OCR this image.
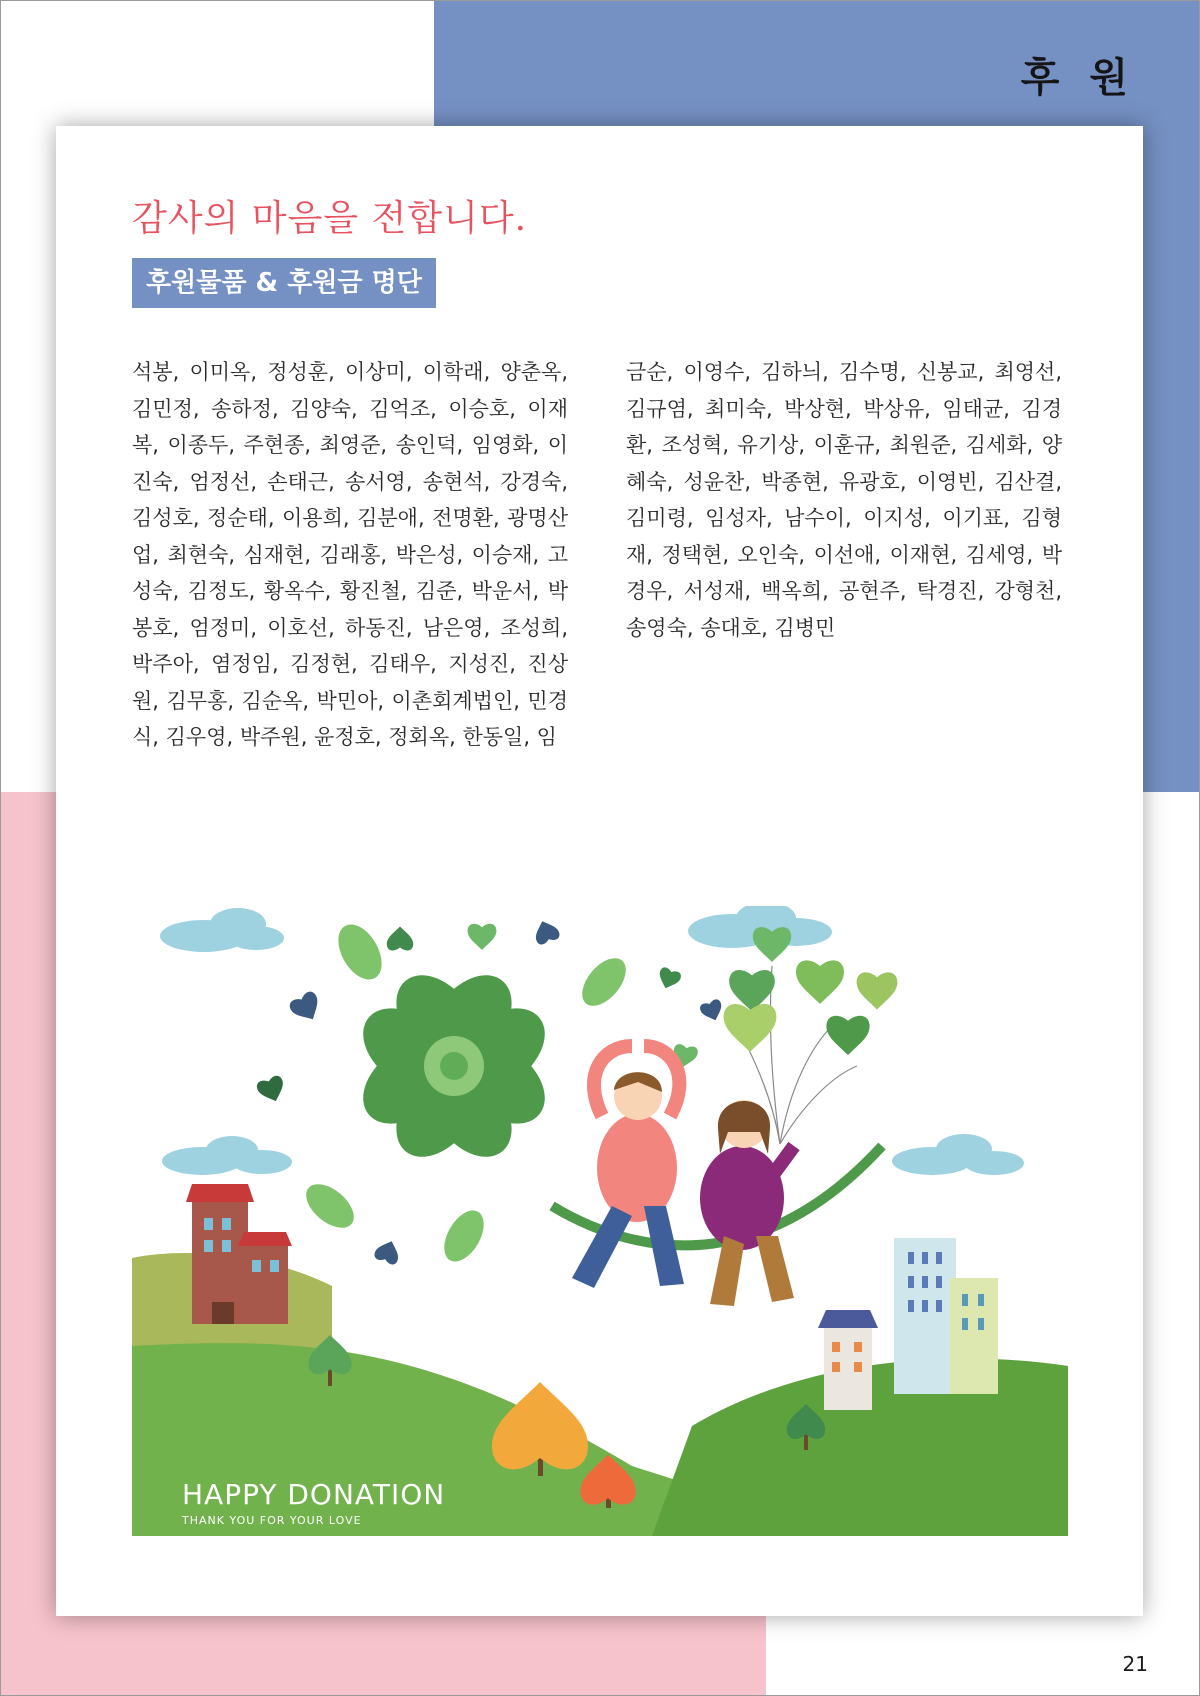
후 원
감사의 마음을 전합니다.
후원물품 & 후원금 명단

석봉, 이미옥, 정성훈, 이상미, 이학래, 양춘옥, 김민정, 송하정, 김양숙, 김억조, 이승호, 이재복, 이종두, 주현종, 최영준, 송인덕, 임영화, 이진숙, 엄정선, 손태근, 송서영, 송현석, 강경숙, 김성호, 정순태, 이용희, 김분애, 전명환, 광명산업, 최현숙, 심재현, 김래홍, 박은성, 이승재, 고성숙, 김정도, 황옥수, 황진철, 김준, 박운서, 박봉호, 엄정미, 이호선, 하동진, 남은영, 조성희, 박주아, 염정임, 김정현, 김태우, 지성진, 진상원, 김무홍, 김순옥, 박민아, 이촌회계법인, 민경식, 김우영, 박주원, 윤정호, 정회옥, 한동일, 임

금순, 이영수, 김하늬, 김수명, 신봉교, 최영선, 김규염, 최미숙, 박상현, 박상유, 임태균, 김경환, 조성혁, 유기상, 이훈규, 최원준, 김세화, 양혜숙, 성윤찬, 박종현, 유광호, 이영빈, 김산결, 김미령, 임성자, 남수이, 이지성, 이기표, 김형재, 정택현, 오인숙, 이선애, 이재현, 김세영, 박경우, 서성재, 백옥희, 공현주, 탁경진, 강형천, 송영숙, 송대호, 김병민

HAPPY DONATION
THANK YOU FOR YOUR LOVE

21
